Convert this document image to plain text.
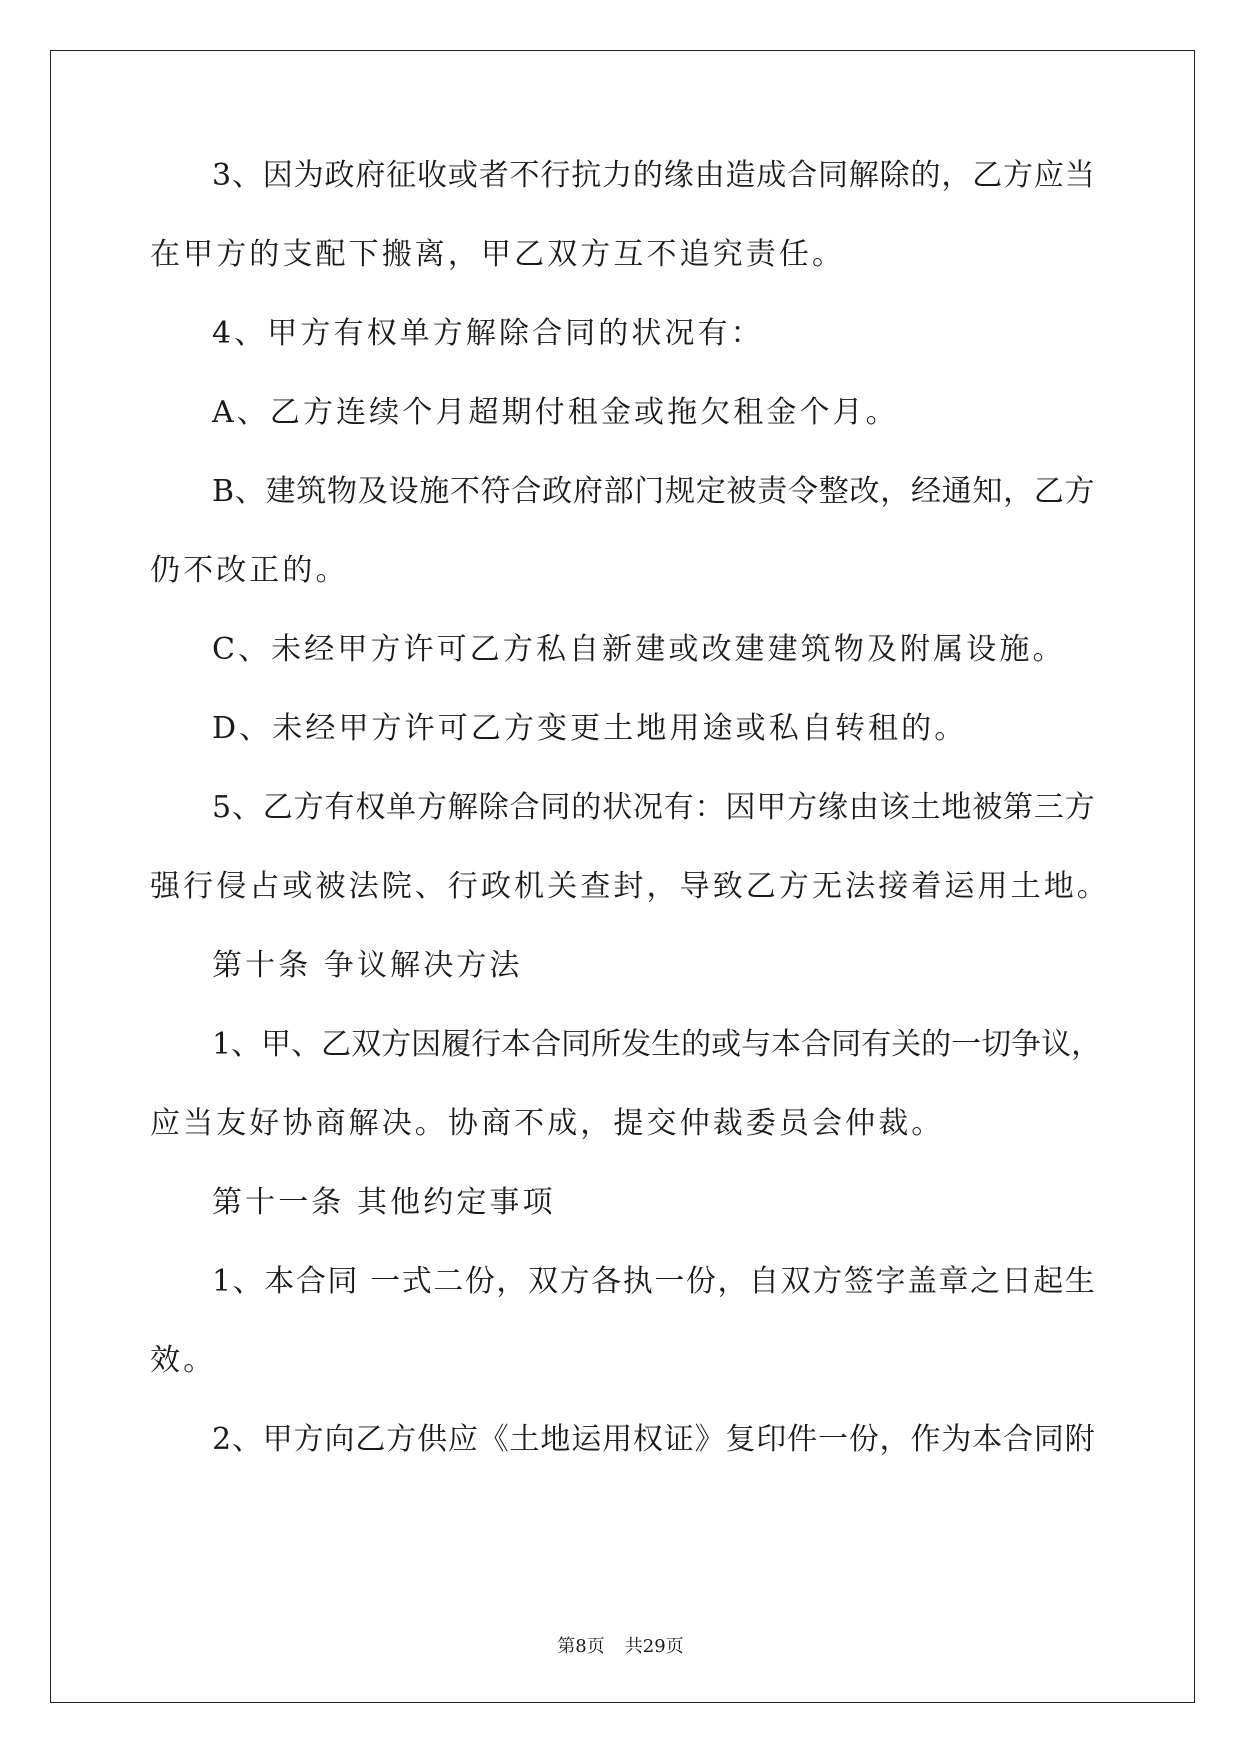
3 、 因 为 政 府 征 收 或 者 不 行 抗 力 的 缘 由 造 成 合 同 解 除 的 ， 乙 方 应 当
在甲方的支配下搬离，甲乙双方互不追究责任。
4、甲方有权单方解除合同的状况有：
A、乙方连续个月超期付租金或拖欠租金个月。
B 、 建 筑 物 及 设 施 不 符 合 政 府 部 门 规 定 被 责 令 整 改 ， 经 通 知 ， 乙 方
仍不改正的。
C、未经甲方许可乙方私自新建或改建建筑物及附属设施。
D、未经甲方许可乙方变更土地用途或私自转租的。
5 、 乙 方 有 权 单 方 解 除 合 同 的 状 况 有 ： 因 甲 方 缘 由 该 土 地 被 第 三 方
强行侵占或被法院、行政机关查封，导致乙方无法接着运用土地。
第十条 争议解决方法
1 、 甲 、 乙 双 方 因 履 行 本 合 同 所 发 生 的 或 与 本 合 同 有 关 的 一 切 争 议 ，
应当友好协商解决。协商不成，提交仲裁委员会仲裁。
第十一条 其他约定事项
1 、 本 合 同
一 式 二 份 ， 双 方 各 执 一 份 ， 自 双 方 签 字 盖 章 之 日 起 生
效。
2 、 甲 方 向 乙 方 供 应 《 土 地 运 用 权 证 》 复 印 件 一 份 ， 作 为 本 合 同 附
第8页 共29页
